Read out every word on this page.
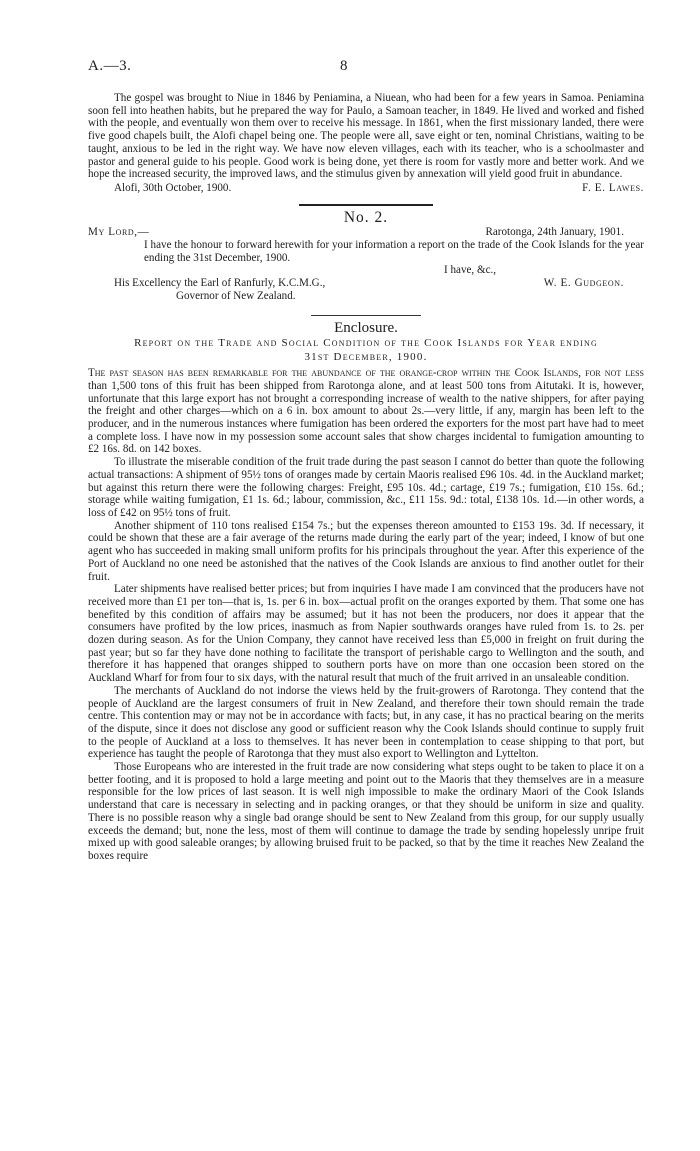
A.—3.	8

The gospel was brought to Niue in 1846 by Peniamina, a Niuean, who had been for a few years in Samoa. Peniamina soon fell into heathen habits, but he prepared the way for Paulo, a Samoan teacher, in 1849. He lived and worked and fished with the people, and eventually won them over to receive his message. In 1861, when the first missionary landed, there were five good chapels built, the Alofi chapel being one. The people were all, save eight or ten, nominal Christians, waiting to be taught, anxious to be led in the right way. We have now eleven villages, each with its teacher, who is a schoolmaster and pastor and general guide to his people. Good work is being done, yet there is room for vastly more and better work. And we hope the increased security, the improved laws, and the stimulus given by annexation will yield good fruit in abundance.

Alofi, 30th October, 1900.	F. E. Lawes.
No. 2.
My Lord,—	Rarotonga, 24th January, 1901.

I have the honour to forward herewith for your information a report on the trade of the Cook Islands for the year ending the 31st December, 1900.

I have, &c.,
His Excellency the Earl of Ranfurly, K.C.M.G.,	W. E. Gudgeon.
Governor of New Zealand.
Enclosure.
Report on the Trade and Social Condition of the Cook Islands for Year ending
31st December, 1900.

The past season has been remarkable for the abundance of the orange-crop within the Cook Islands, for not less than 1,500 tons of this fruit has been shipped from Rarotonga alone, and at least 500 tons from Aitutaki. It is, however, unfortunate that this large export has not brought a corresponding increase of wealth to the native shippers, for after paying the freight and other charges—which on a 6 in. box amount to about 2s.—very little, if any, margin has been left to the producer, and in the numerous instances where fumigation has been ordered the exporters for the most part have had to meet a complete loss. I have now in my possession some account sales that show charges incidental to fumigation amounting to £2 16s. 8d. on 142 boxes.

To illustrate the miserable condition of the fruit trade during the past season I cannot do better than quote the following actual transactions: A shipment of 95½ tons of oranges made by certain Maoris realised £96 10s. 4d. in the Auckland market; but against this return there were the following charges: Freight, £95 10s. 4d.; cartage, £19 7s.; fumigation, £10 15s. 6d.; storage while waiting fumigation, £1 1s. 6d.; labour, commission, &c., £11 15s. 9d.: total, £138 10s. 1d.—in other words, a loss of £42 on 95½ tons of fruit.

Another shipment of 110 tons realised £154 7s.; but the expenses thereon amounted to £153 19s. 3d. If necessary, it could be shown that these are a fair average of the returns made during the early part of the year; indeed, I know of but one agent who has succeeded in making small uniform profits for his principals throughout the year. After this experience of the Port of Auckland no one need be astonished that the natives of the Cook Islands are anxious to find another outlet for their fruit.

Later shipments have realised better prices; but from inquiries I have made I am convinced that the producers have not received more than £1 per ton—that is, 1s. per 6 in. box—actual profit on the oranges exported by them. That some one has benefited by this condition of affairs may be assumed; but it has not been the producers, nor does it appear that the consumers have profited by the low prices, inasmuch as from Napier southwards oranges have ruled from 1s. to 2s. per dozen during season. As for the Union Company, they cannot have received less than £5,000 in freight on fruit during the past year; but so far they have done nothing to facilitate the transport of perishable cargo to Wellington and the south, and therefore it has happened that oranges shipped to southern ports have on more than one occasion been stored on the Auckland Wharf for from four to six days, with the natural result that much of the fruit arrived in an unsaleable condition.

The merchants of Auckland do not indorse the views held by the fruit-growers of Rarotonga. They contend that the people of Auckland are the largest consumers of fruit in New Zealand, and therefore their town should remain the trade centre. This contention may or may not be in accordance with facts; but, in any case, it has no practical bearing on the merits of the dispute, since it does not disclose any good or sufficient reason why the Cook Islands should continue to supply fruit to the people of Auckland at a loss to themselves. It has never been in contemplation to cease shipping to that port, but experience has taught the people of Rarotonga that they must also export to Wellington and Lyttelton.

Those Europeans who are interested in the fruit trade are now considering what steps ought to be taken to place it on a better footing, and it is proposed to hold a large meeting and point out to the Maoris that they themselves are in a measure responsible for the low prices of last season. It is well nigh impossible to make the ordinary Maori of the Cook Islands understand that care is necessary in selecting and in packing oranges, or that they should be uniform in size and quality. There is no possible reason why a single bad orange should be sent to New Zealand from this group, for our supply usually exceeds the demand; but, none the less, most of them will continue to damage the trade by sending hopelessly unripe fruit mixed up with good saleable oranges; by allowing bruised fruit to be packed, so that by the time it reaches New Zealand the boxes require
